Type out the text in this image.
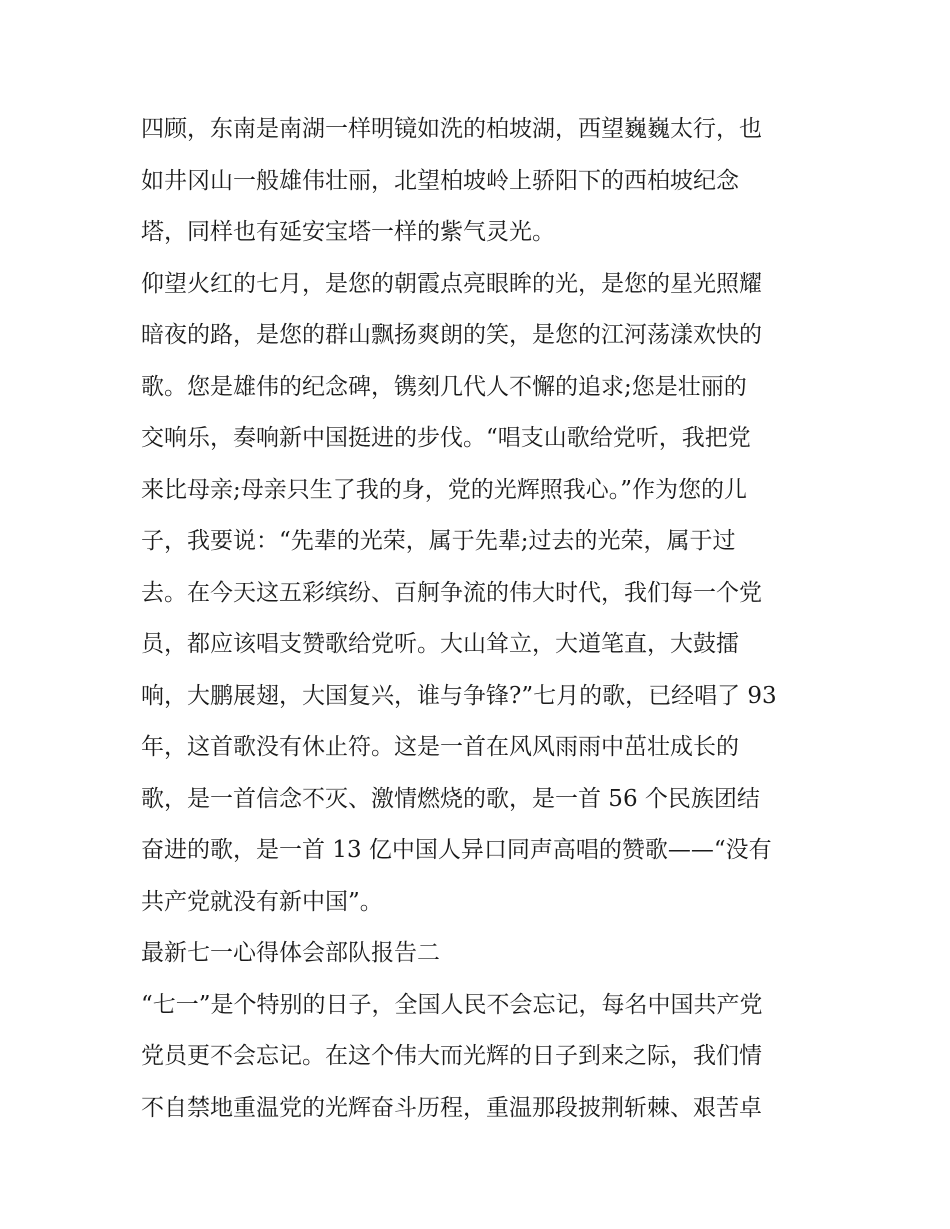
四顾，东南是南湖一样明镜如洗的柏坡湖，西望巍巍太行，也
如井冈山一般雄伟壮丽，北望柏坡岭上骄阳下的西柏坡纪念
塔，同样也有延安宝塔一样的紫气灵光。
仰望火红的七月，是您的朝霞点亮眼眸的光，是您的星光照耀
暗夜的路，是您的群山飘扬爽朗的笑，是您的江河荡漾欢快的
歌。您是雄伟的纪念碑，镌刻几代人不懈的追求;您是壮丽的
交响乐，奏响新中国挺进的步伐。“唱支山歌给党听，我把党
来比母亲;母亲只生了我的身，党的光辉照我心。”作为您的儿
子，我要说：“先辈的光荣，属于先辈;过去的光荣，属于过
去。在今天这五彩缤纷、百舸争流的伟大时代，我们每一个党
员，都应该唱支赞歌给党听。大山耸立，大道笔直，大鼓擂
响，大鹏展翅，大国复兴，谁与争锋?”七月的歌，已经唱了 93
年，这首歌没有休止符。这是一首在风风雨雨中茁壮成长的
歌，是一首信念不灭、激情燃烧的歌，是一首 56 个民族团结
奋进的歌，是一首 13 亿中国人异口同声高唱的赞歌——“没有
共产党就没有新中国”。
最新七一心得体会部队报告二
“七一”是个特别的日子，全国人民不会忘记，每名中国共产党
党员更不会忘记。在这个伟大而光辉的日子到来之际，我们情
不自禁地重温党的光辉奋斗历程，重温那段披荆斩棘、艰苦卓
